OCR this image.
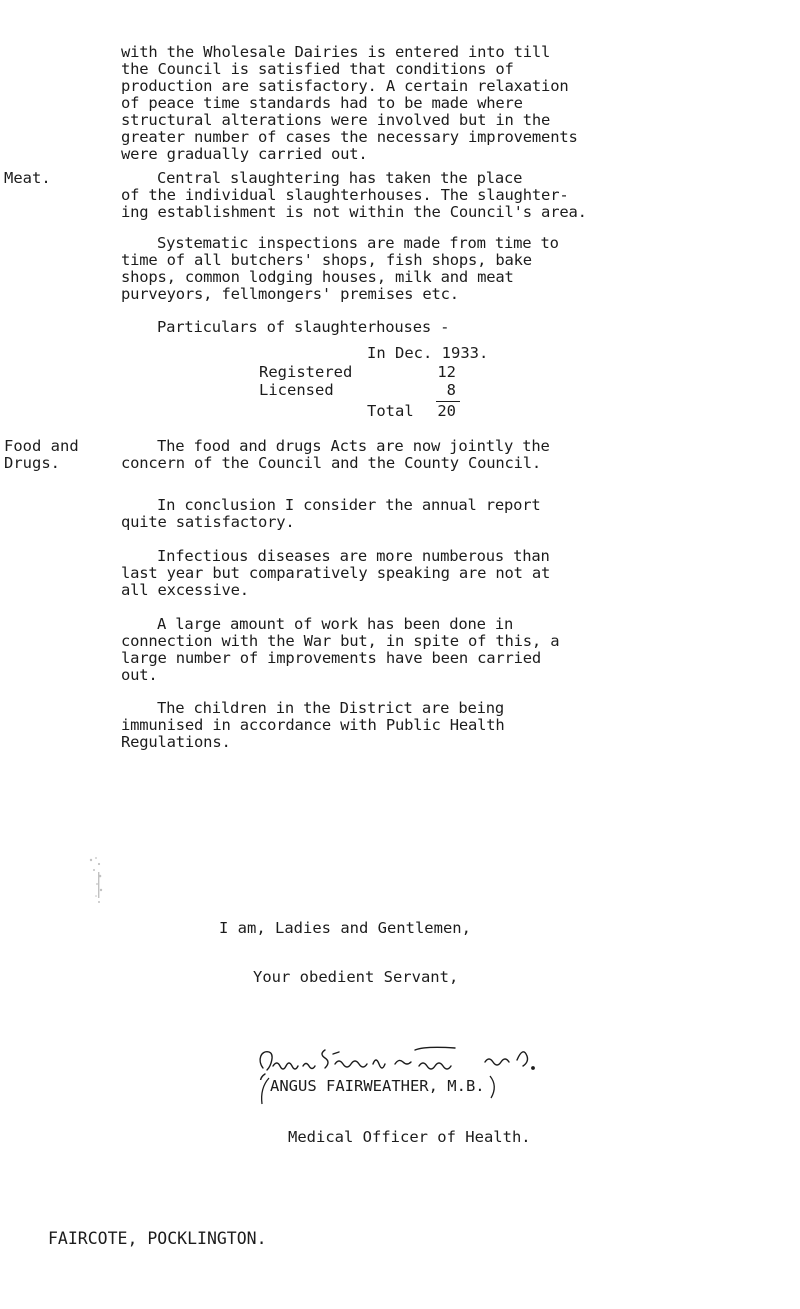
with the Wholesale Dairies is entered into till
the Council is satisfied that conditions of
production are satisfactory. A certain relaxation
of peace time standards had to be made where
structural alterations were involved but in the
greater number of cases the necessary improvements
were gradually carried out.
Meat.	Central slaughtering has taken the place
of the individual slaughterhouses. The slaughter-
ing establishment is not within the Council's area.
Systematic inspections are made from time to
time of all butchers' shops, fish shops, bake
shops, common lodging houses, milk and meat
purveyors, fellmongers' premises etc.
Particulars of slaughterhouses -
In Dec. 1933.
Registered	12
Licensed	8
Total	20
Food and
Drugs.
The food and drugs Acts are now jointly the
concern of the Council and the County Council.
In conclusion I consider the annual report
quite satisfactory.
Infectious diseases are more numberous than
last year but comparatively speaking are not at
all excessive.
A large amount of work has been done in
connection with the War but, in spite of this, a
large number of improvements have been carried
out.
The children in the District are being
immunised in accordance with Public Health
Regulations.
I am, Ladies and Gentlemen,
Your obedient Servant,
ANGUS FAIRWEATHER, M.B.
Medical Officer of Health.
FAIRCOTE, POCKLINGTON.
